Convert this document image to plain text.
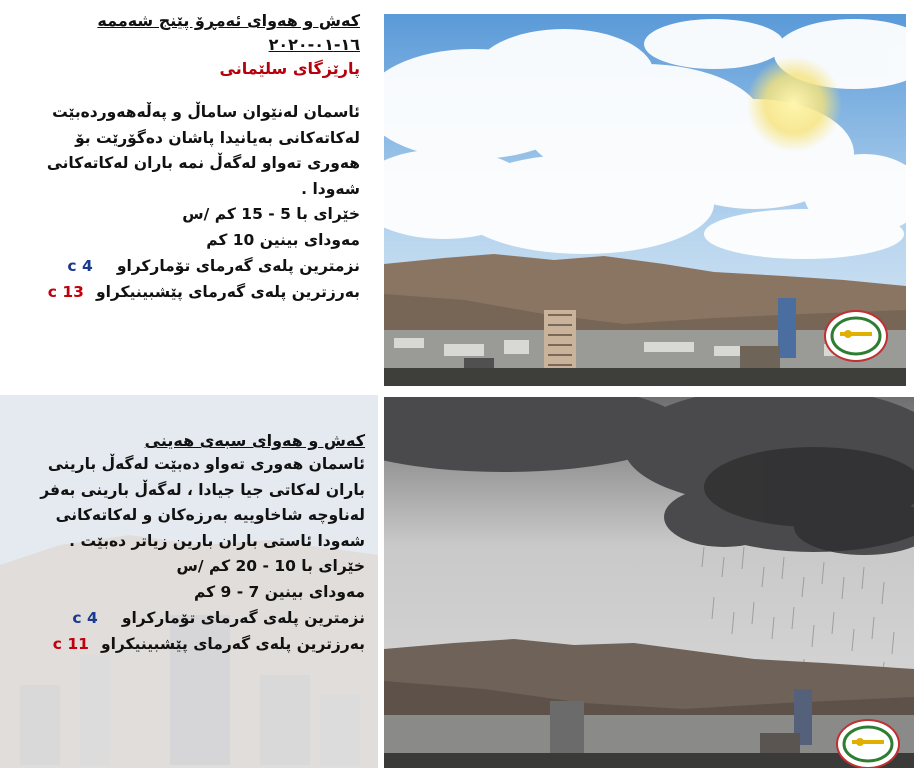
کەش و هەوای ئەمڕۆ پێنج شەممە
١٦-٠١-٢٠٢٠
پارێزگای سلێمانی
ئاسمان لەنێوان ساماڵ و پەڵەهەوردەبێت
لەکاتەکانی بەیانیدا پاشان دەگۆرێت بۆ
هەوری تەواو لەگەڵ نمە باران لەکاتەکانی
شەودا .
خێرای با 5 - 15 کم /س
مەودای بینین 10 کم
نزمترین پلەی گەرمای تۆمارکراو
4 c
بەرزترین پلەی گەرمای پێشبینیکراو
13 c
کەش و هەوای سبەی هەینی
ئاسمان هەوری تەواو دەبێت لەگەڵ بارینی
باران لەکاتی جیا جیادا ، لەگەڵ بارینی بەفر
لەناوچە شاخاوییە بەرزەکان و لەکاتەکانی
شەودا ئاستی باران بارین زیاتر دەبێت .
خێرای با 10 - 20 کم /س
مەودای بینین 7 - 9 کم
نزمترین پلەی گەرمای تۆمارکراو
4 c
بەرزترین پلەی گەرمای پێشبینیکراو
11 c
